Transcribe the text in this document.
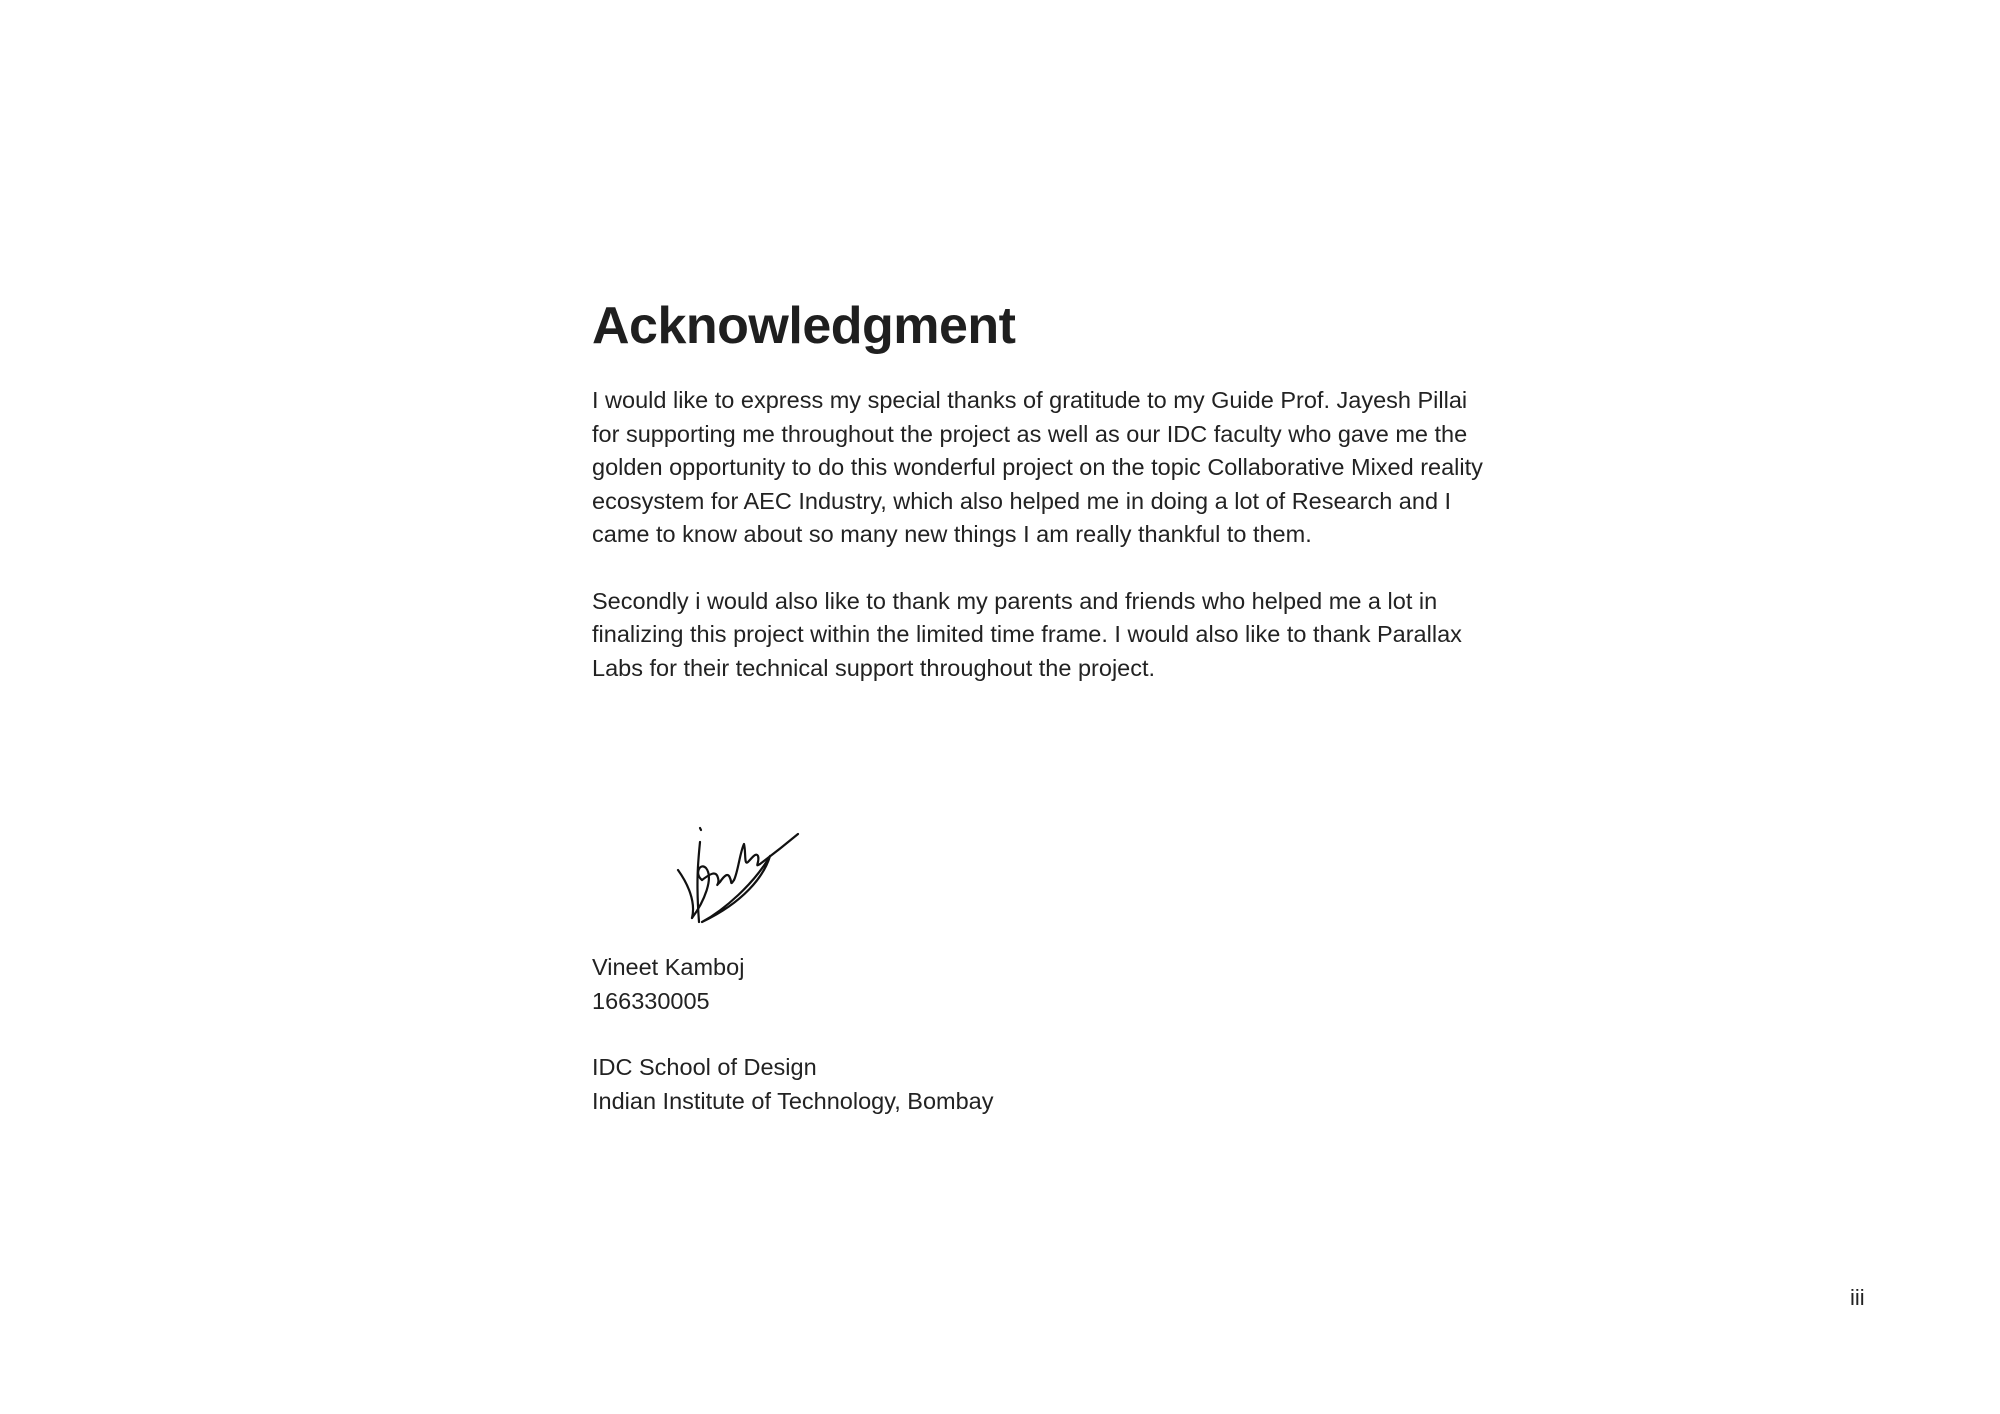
Acknowledgment

I would like to express my special thanks of gratitude to my Guide Prof. Jayesh Pillai for supporting me throughout the project as well as our IDC faculty who gave me the golden opportunity to do this wonderful project on the topic Collaborative Mixed reality ecosystem for AEC Industry, which also helped me in doing a lot of Research and I came to know about so many new things I am really thankful to them.

Secondly i would also like to thank my parents and friends who helped me a lot in finalizing this project within the limited time frame. I would also like to thank Parallax Labs for their technical support throughout the project.

Vineet Kamboj
166330005
IDC School of Design
Indian Institute of Technology, Bombay
iii
